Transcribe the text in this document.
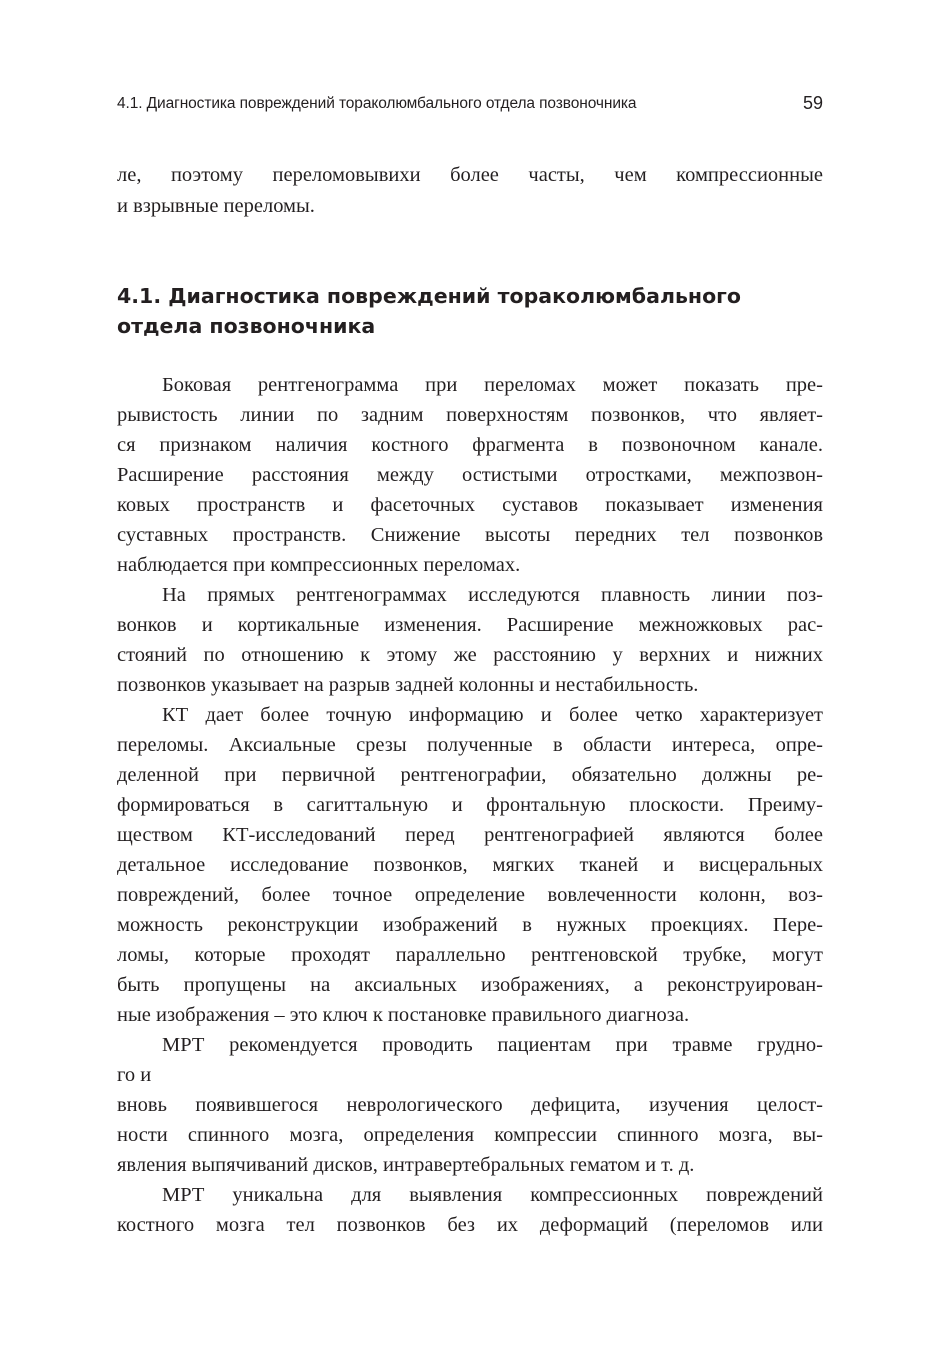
4.1. Диагностика повреждений тораколюмбального отдела позвоночника	59
ле, поэтому переломовывихи более часты, чем компрессионные
и взрывные переломы.
4.1. Диагностика повреждений тораколюмбального
отдела позвоночника
Боковая рентгенограмма при переломах может показать пре-
рывистость линии по задним поверхностям позвонков, что являет-
ся признаком наличия костного фрагмента в позвоночном канале.
Расширение расстояния между остистыми отростками, межпозвон-
ковых пространств и фасеточных суставов показывает изменения
суставных пространств. Снижение высоты передних тел позвонков
наблюдается при компрессионных переломах.
На прямых рентгенограммах исследуются плавность линии поз-
вонков и кортикальные изменения. Расширение межножковых рас-
стояний по отношению к этому же расстоянию у верхних и нижних
позвонков указывает на разрыв задней колонны и нестабильность.
КТ дает более точную информацию и более четко характеризует
переломы. Аксиальные срезы полученные в области интереса, опре-
деленной при первичной рентгенографии, обязательно должны ре-
формироваться в сагиттальную и фронтальную плоскости. Преиму-
ществом КТ-исследований перед рентгенографией являются более
детальное исследование позвонков, мягких тканей и висцеральных
повреждений, более точное определение вовлеченности колонн, воз-
можность реконструкции изображений в нужных проекциях. Пере-
ломы, которые проходят параллельно рентгеновской трубке, могут
быть пропущены на аксиальных изображениях, а реконструирован-
ные изображения – это ключ к постановке правильного диагноза.
МРТ рекомендуется проводить пациентам при травме грудно-
го и
вновь появившегося неврологического дефицита, изучения целост-
ности спинного мозга, определения компрессии спинного мозга, вы-
явления выпячиваний дисков, интравертебральных гематом и т. д.
МРТ уникальна для выявления компрессионных повреждений
костного мозга тел позвонков без их деформаций (переломов или
